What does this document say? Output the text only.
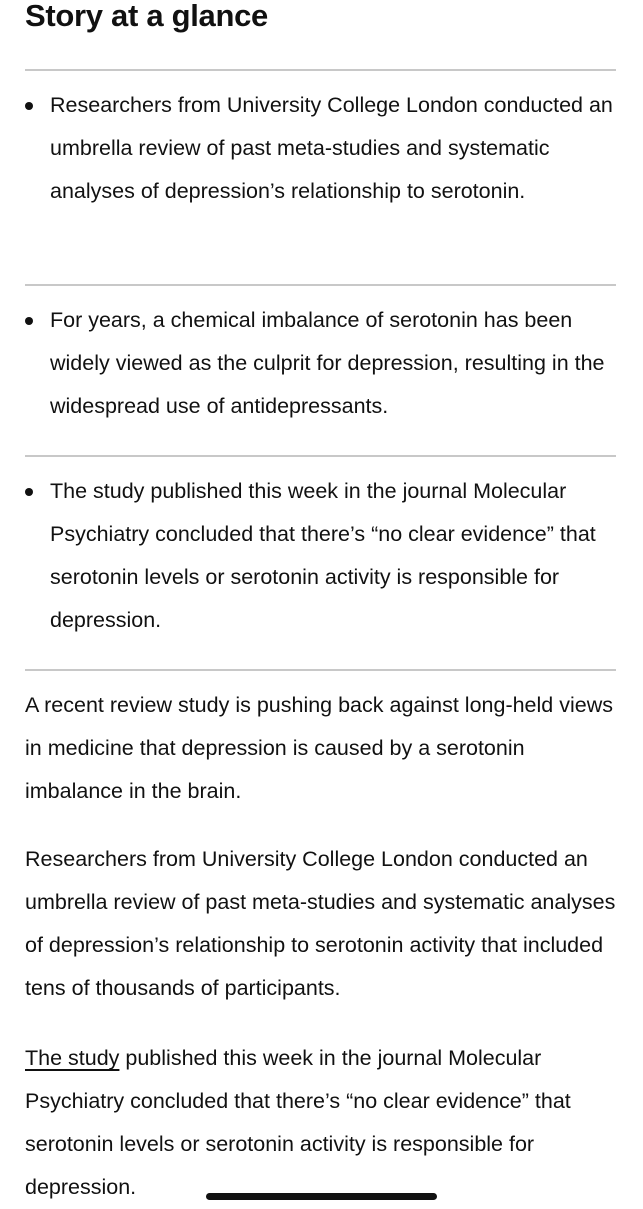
Story at a glance

Researchers from University College London conducted an umbrella review of past meta-studies and systematic analyses of depression’s relationship to serotonin.

For years, a chemical imbalance of serotonin has been widely viewed as the culprit for depression, resulting in the widespread use of antidepressants.

The study published this week in the journal Molecular Psychiatry concluded that there’s “no clear evidence” that serotonin levels or serotonin activity is responsible for depression.

A recent review study is pushing back against long-held views in medicine that depression is caused by a serotonin imbalance in the brain.

Researchers from University College London conducted an umbrella review of past meta-studies and systematic analyses of depression’s relationship to serotonin activity that included tens of thousands of participants.

The study published this week in the journal Molecular Psychiatry concluded that there’s “no clear evidence” that serotonin levels or serotonin activity is responsible for depression.
